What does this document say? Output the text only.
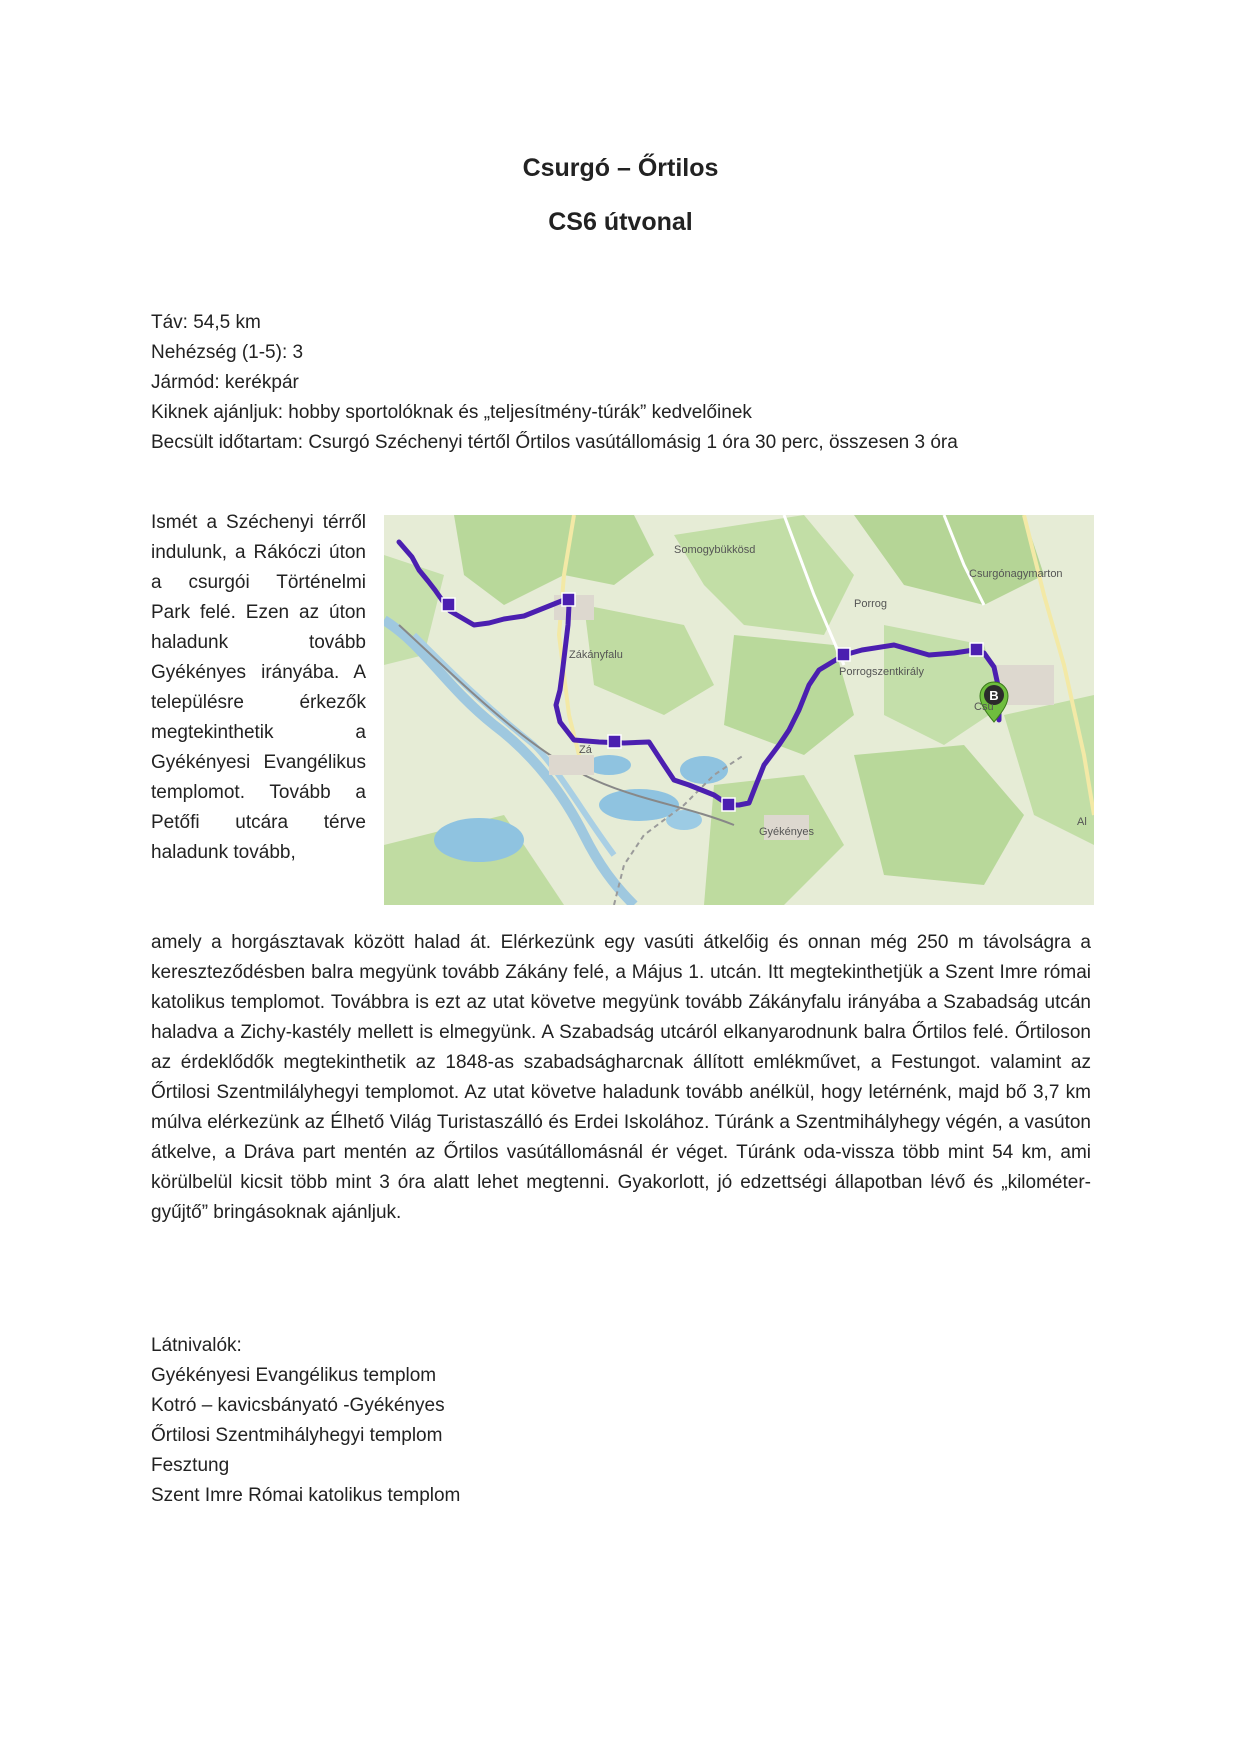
Csurgó – Őrtilos
CS6 útvonal
Táv: 54,5 km
Nehézség (1-5): 3
Jármód: kerékpár
Kiknek ajánljuk: hobby sportolóknak és „teljesítmény-túrák” kedvelőinek
Becsült időtartam: Csurgó Széchenyi tértől Őrtilos vasútállomásig 1 óra 30 perc, összesen 3 óra
Ismét a Széchenyi térről indulunk, a Rákóczi úton a csurgói Történelmi Park felé. Ezen az úton haladunk tovább Gyékényes irányába. A településre érkezők megtekinthetik a Gyékényesi Evangélikus templomot. Tovább a Petőfi utcára térve haladunk tovább,
B
Somogybükkösd
Csurgónagymarton
Porrog
Zákányfalu
Porrogszentkirály
Csu
Zá
Gyékényes
Al
amely a horgásztavak között halad át. Elérkezünk egy vasúti átkelőig és onnan még 250 m távolságra a kereszteződésben balra megyünk tovább Zákány felé, a Május 1. utcán. Itt megtekinthetjük a Szent Imre római katolikus templomot. Továbbra is ezt az utat követve megyünk tovább Zákányfalu irányába a Szabadság utcán haladva a Zichy-kastély mellett is elmegyünk. A Szabadság utcáról elkanyarodnunk balra Őrtilos felé. Őrtiloson az érdeklődők megtekinthetik az 1848-as szabadságharcnak állított emlékművet, a Festungot. valamint az Őrtilosi Szentmilályhegyi templomot. Az utat követve haladunk tovább anélkül, hogy letérnénk, majd bő 3,7 km múlva elérkezünk az Élhető Világ Turistaszálló és Erdei Iskolához. Túránk a Szentmihályhegy végén, a vasúton átkelve, a Dráva part mentén az Őrtilos vasútállomásnál ér véget. Túránk oda-vissza több mint 54 km, ami körülbelül kicsit több mint 3 óra alatt lehet megtenni. Gyakorlott, jó edzettségi állapotban lévő és „kilométer-gyűjtő” bringásoknak ajánljuk.
Látnivalók:
Gyékényesi Evangélikus templom
Kotró – kavicsbányató -Gyékényes
Őrtilosi Szentmihályhegyi templom
Fesztung
Szent Imre Római katolikus templom
